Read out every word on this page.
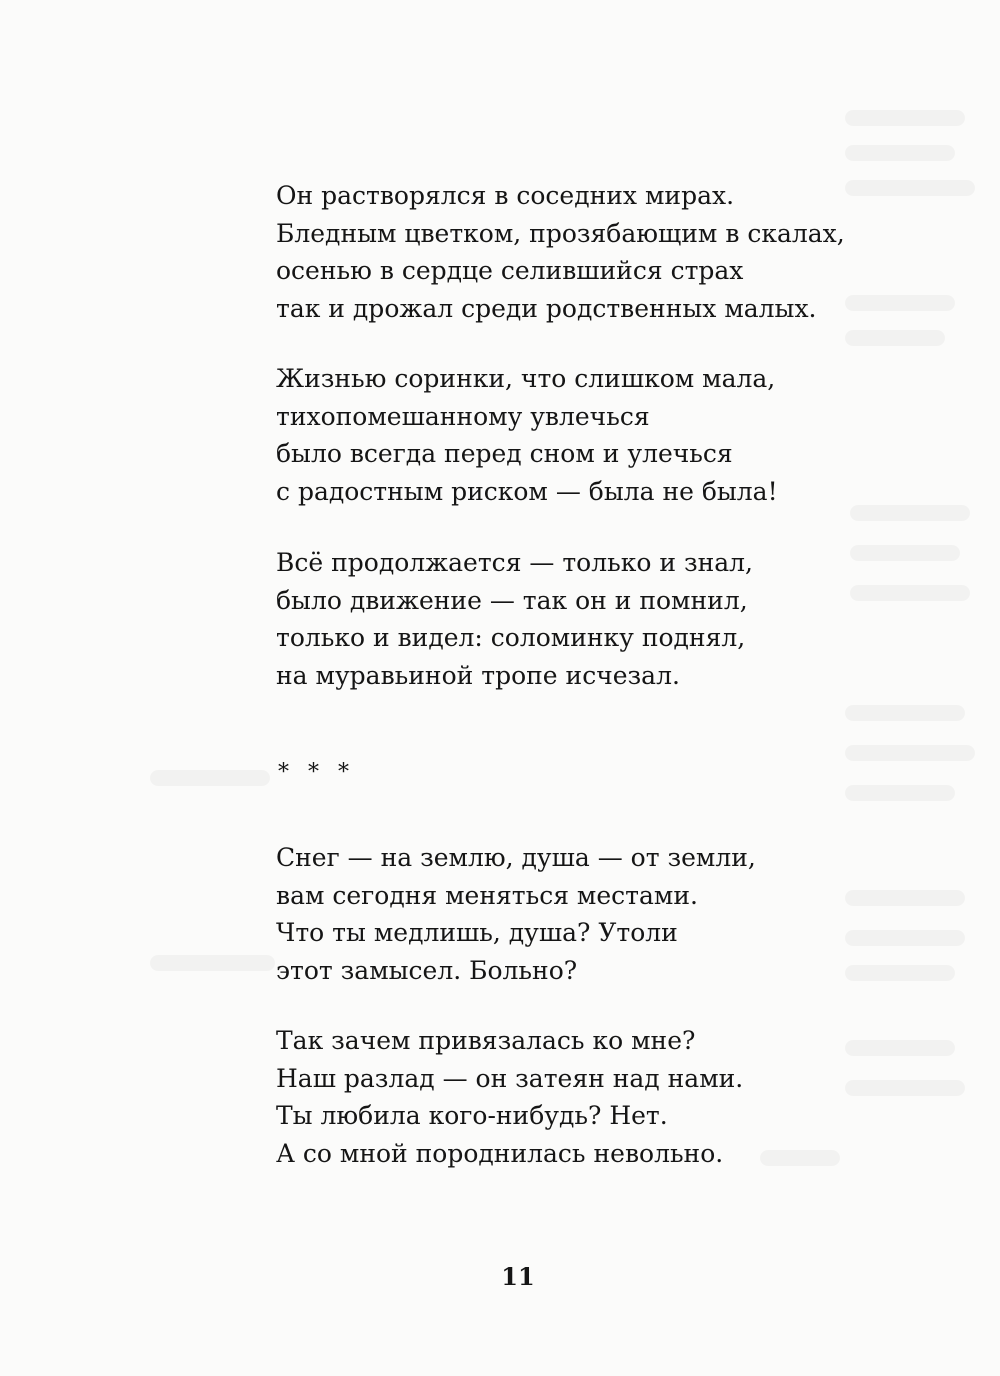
Он растворялся в соседних мирах.
Бледным цветком, прозябающим в скалах,
осенью в сердце селившийся страх
так и дрожал среди родственных малых.
Жизнью соринки, что слишком мала,
тихопомешанному увлечься
было всегда перед сном и улечься
с радостным риском — была не была!
Всё продолжается — только и знал,
было движение — так он и помнил,
только и видел: соломинку поднял,
на муравьиной тропе исчезал.
* * *
Снег — на землю, душа — от земли,
вам сегодня меняться местами.
Что ты медлишь, душа? Утоли
этот замысел. Больно?
Так зачем привязалась ко мне?
Наш разлад — он затеян над нами.
Ты любила кого-нибудь? Нет.
А со мной породнилась невольно.
11
